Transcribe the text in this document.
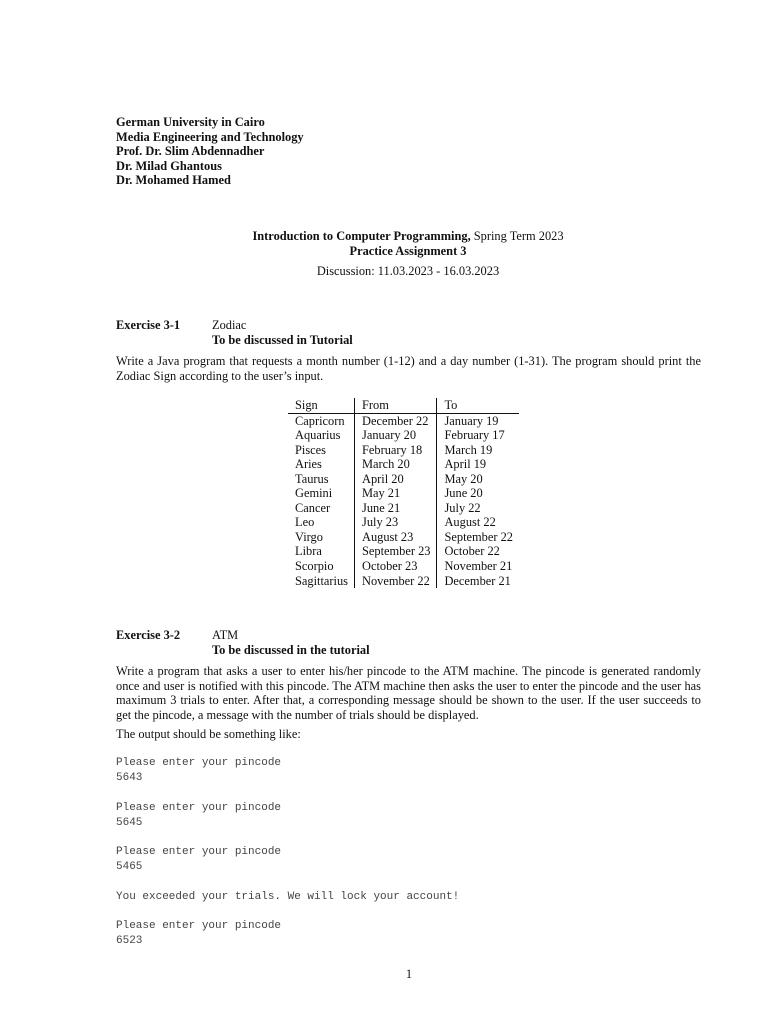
German University in Cairo
Media Engineering and Technology
Prof. Dr. Slim Abdennadher
Dr. Milad Ghantous
Dr. Mohamed Hamed
Introduction to Computer Programming, Spring Term 2023
Practice Assignment 3
Discussion: 11.03.2023 - 16.03.2023
Exercise 3-1	Zodiac
To be discussed in Tutorial
Write a Java program that requests a month number (1-12) and a day number (1-31). The program should print the Zodiac Sign according to the user’s input.
Sign	From	To
Capricorn	December 22	January 19
Aquarius	January 20	February 17
Pisces	February 18	March 19
Aries	March 20	April 19
Taurus	April 20	May 20
Gemini	May 21	June 20
Cancer	June 21	July 22
Leo	July 23	August 22
Virgo	August 23	September 22
Libra	September 23	October 22
Scorpio	October 23	November 21
Sagittarius	November 22	December 21
Exercise 3-2	ATM
To be discussed in the tutorial
Write a program that asks a user to enter his/her pincode to the ATM machine. The pincode is generated randomly once and user is notified with this pincode. The ATM machine then asks the user to enter the pincode and the user has maximum 3 trials to enter. After that, a corresponding message should be shown to the user. If the user succeeds to get the pincode, a message with the number of trials should be displayed.
The output should be something like:
Please enter your pincode
5643
Please enter your pincode
5645
Please enter your pincode
5465
You exceeded your trials. We will lock your account!
Please enter your pincode
6523
1
